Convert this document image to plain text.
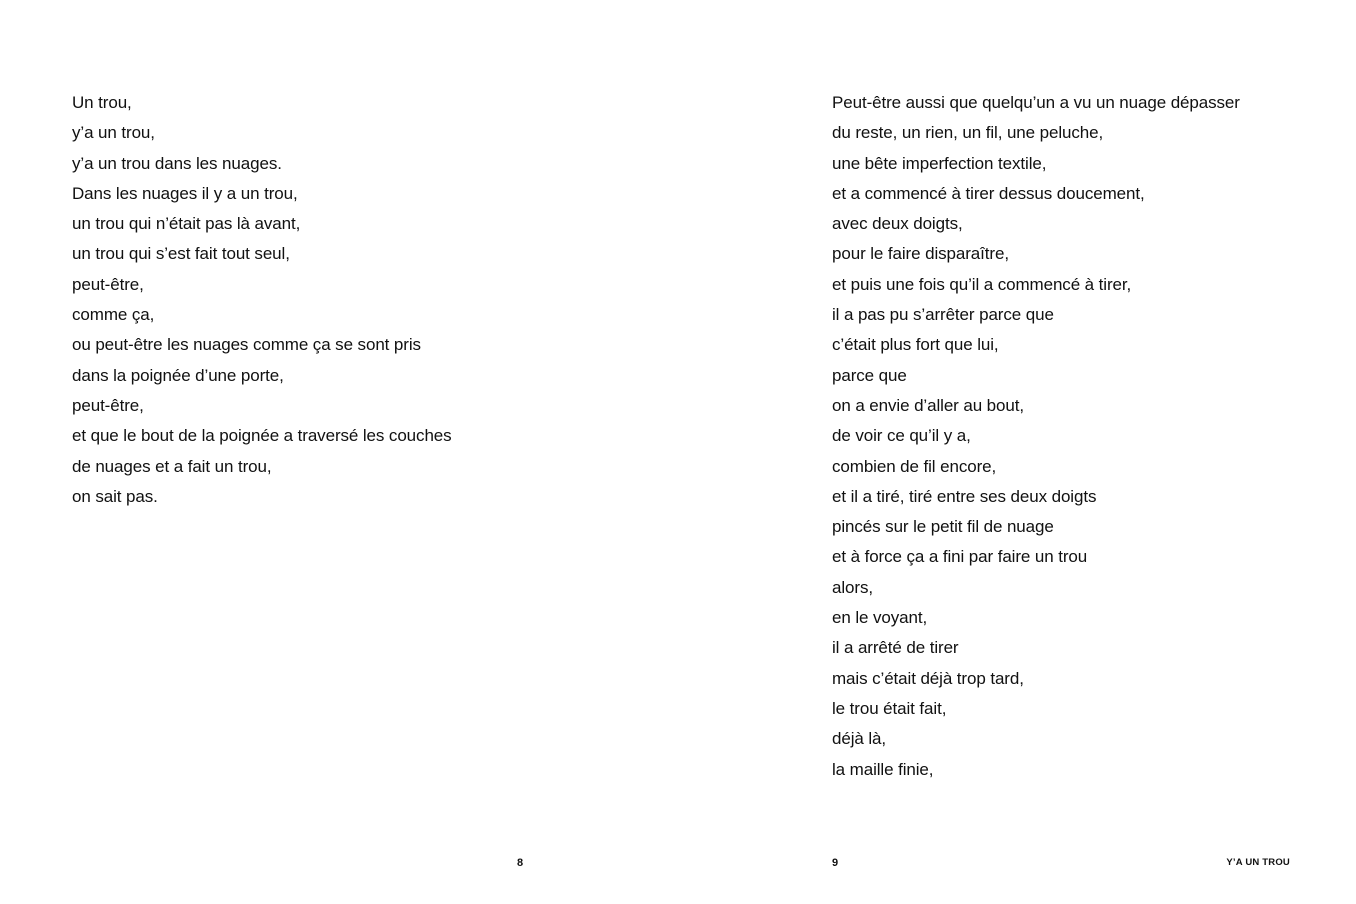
Un trou,
y’a un trou,
y’a un trou dans les nuages.
Dans les nuages il y a un trou,
un trou qui n’était pas là avant,
un trou qui s’est fait tout seul,
peut-être,
comme ça,
ou peut-être les nuages comme ça se sont pris
dans la poignée d’une porte,
peut-être,
et que le bout de la poignée a traversé les couches
de nuages et a fait un trou,
on sait pas.
8
Peut-être aussi que quelqu’un a vu un nuage dépasser
du reste, un rien, un fil, une peluche,
une bête imperfection textile,
et a commencé à tirer dessus doucement,
avec deux doigts,
pour le faire disparaître,
et puis une fois qu’il a commencé à tirer,
il a pas pu s’arrêter parce que
c’était plus fort que lui,
parce que
on a envie d’aller au bout,
de voir ce qu’il y a,
combien de fil encore,
et il a tiré, tiré entre ses deux doigts
pincés sur le petit fil de nuage
et à force ça a fini par faire un trou
alors,
en le voyant,
il a arrêté de tirer
mais c’était déjà trop tard,
le trou était fait,
déjà là,
la maille finie,
9	Y’A UN TROU
